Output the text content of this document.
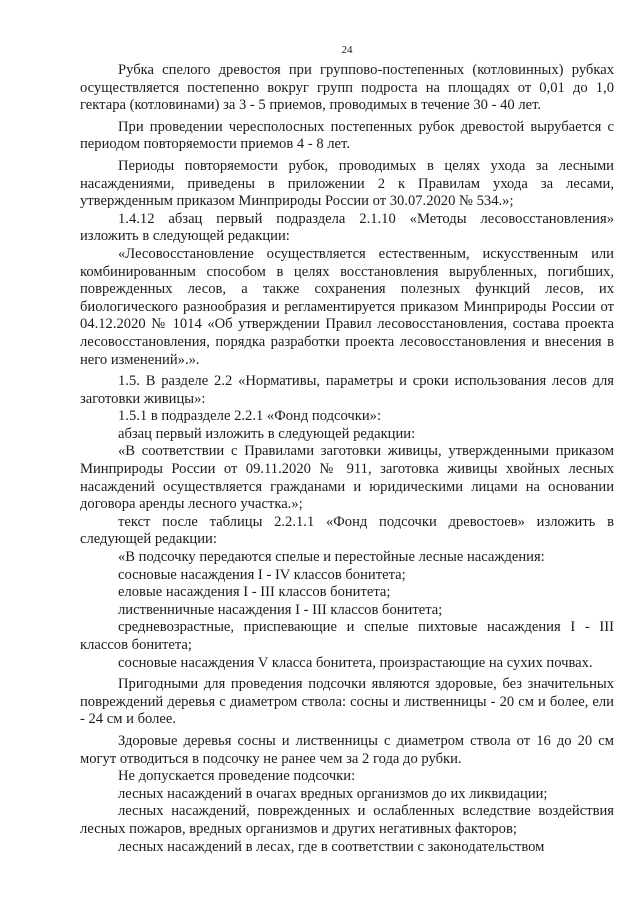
24

Рубка спелого древостоя при групповo-постепенных (котловинных) рубках осуществляется постепенно вокруг групп подроста на площадях от 0,01 до 1,0 гектара (котловинами) за 3 - 5 приемов, проводимых в течение 30 - 40 лет.

При проведении чересполосных постепенных рубок древостой вырубается с периодом повторяемости приемов 4 - 8 лет.

Периоды повторяемости рубок, проводимых в целях ухода за лесными насаждениями, приведены в приложении 2 к Правилам ухода за лесами, утвержденным приказом Минприроды России от 30.07.2020 № 534.»;

1.4.12 абзац первый подраздела 2.1.10 «Методы лесовосстановления» изложить в следующей редакции:

«Лесовосстановление осуществляется естественным, искусственным или комбинированным способом в целях восстановления вырубленных, погибших, поврежденных лесов, а также сохранения полезных функций лесов, их биологического разнообразия и регламентируется приказом Минприроды России от 04.12.2020 № 1014 «Об утверждении Правил лесовосстановления, состава проекта лесовосстановления, порядка разработки проекта лесовосстановления и внесения в него изменений».».

1.5. В разделе 2.2 «Нормативы, параметры и сроки использования лесов для заготовки живицы»:

1.5.1 в подразделе 2.2.1 «Фонд подсочки»:

абзац первый изложить в следующей редакции:

«В соответствии с Правилами заготовки живицы, утвержденными приказом Минприроды России от 09.11.2020 № 911, заготовка живицы хвойных лесных насаждений осуществляется гражданами и юридическими лицами на основании договора аренды лесного участка.»;

текст после таблицы 2.2.1.1 «Фонд подсочки древостоев» изложить в следующей редакции:

«В подсочку передаются спелые и перестойные лесные насаждения:

сосновые насаждения I - IV классов бонитета;

еловые насаждения I - III классов бонитета;

лиственничные насаждения I - III классов бонитета;

средневозрастные, приспевающие и спелые пихтовые насаждения I - III классов бонитета;

сосновые насаждения V класса бонитета, произрастающие на сухих почвах.

Пригодными для проведения подсочки являются здоровые, без значительных повреждений деревья с диаметром ствола: сосны и лиственницы - 20 см и более, ели - 24 см и более.

Здоровые деревья сосны и лиственницы с диаметром ствола от 16 до 20 см могут отводиться в подсочку не ранее чем за 2 года до рубки.

Не допускается проведение подсочки:

лесных насаждений в очагах вредных организмов до их ликвидации;

лесных насаждений, поврежденных и ослабленных вследствие воздействия лесных пожаров, вредных организмов и других негативных факторов;

лесных насаждений в лесах, где в соответствии с законодательством
